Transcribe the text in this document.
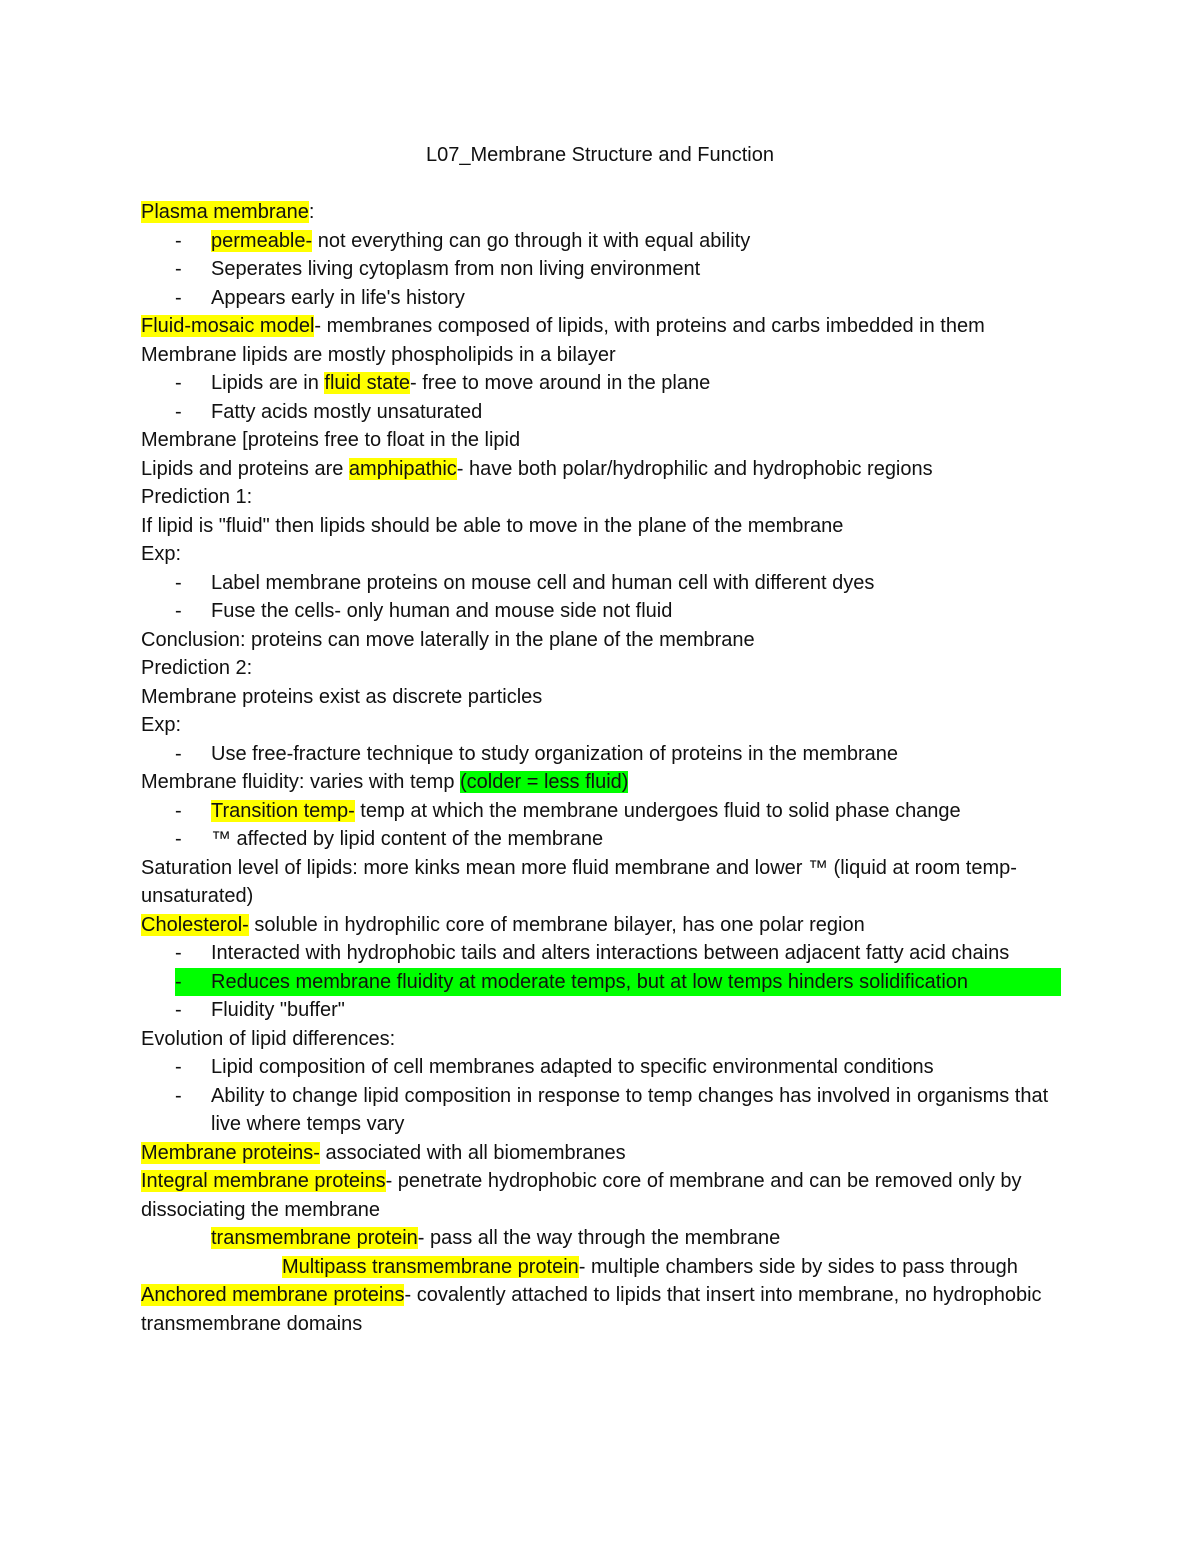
L07_Membrane Structure and Function
Plasma membrane:
- permeable- not everything can go through it with equal ability
- Seperates living cytoplasm from non living environment
- Appears early in life's history
Fluid-mosaic model- membranes composed of lipids, with proteins and carbs imbedded in them
Membrane lipids are mostly phospholipids in a bilayer
- Lipids are in fluid state- free to move around in the plane
- Fatty acids mostly unsaturated
Membrane [proteins free to float in the lipid
Lipids and proteins are amphipathic- have both polar/hydrophilic and hydrophobic regions
Prediction 1:
If lipid is "fluid" then lipids should be able to move in the plane of the membrane
Exp:
- Label membrane proteins on mouse cell and human cell with different dyes
- Fuse the cells- only human and mouse side not fluid
Conclusion: proteins can move laterally in the plane of the membrane
Prediction 2:
Membrane proteins exist as discrete particles
Exp:
- Use free-fracture technique to study organization of proteins in the membrane
Membrane fluidity: varies with temp (colder = less fluid)
- Transition temp- temp at which the membrane undergoes fluid to solid phase change
- ™ affected by lipid content of the membrane
Saturation level of lipids: more kinks mean more fluid membrane and lower ™ (liquid at room temp- unsaturated)
Cholesterol- soluble in hydrophilic core of membrane bilayer, has one polar region
- Interacted with hydrophobic tails and alters interactions between adjacent fatty acid chains
- Reduces membrane fluidity at moderate temps, but at low temps hinders solidification
- Fluidity "buffer"
Evolution of lipid differences:
- Lipid composition of cell membranes adapted to specific environmental conditions
- Ability to change lipid composition in response to temp changes has involved in organisms that live where temps vary
Membrane proteins- associated with all biomembranes
Integral membrane proteins- penetrate hydrophobic core of membrane and can be removed only by dissociating the membrane
transmembrane protein- pass all the way through the membrane
Multipass transmembrane protein- multiple chambers side by sides to pass through
Anchored membrane proteins- covalently attached to lipids that insert into membrane, no hydrophobic transmembrane domains
